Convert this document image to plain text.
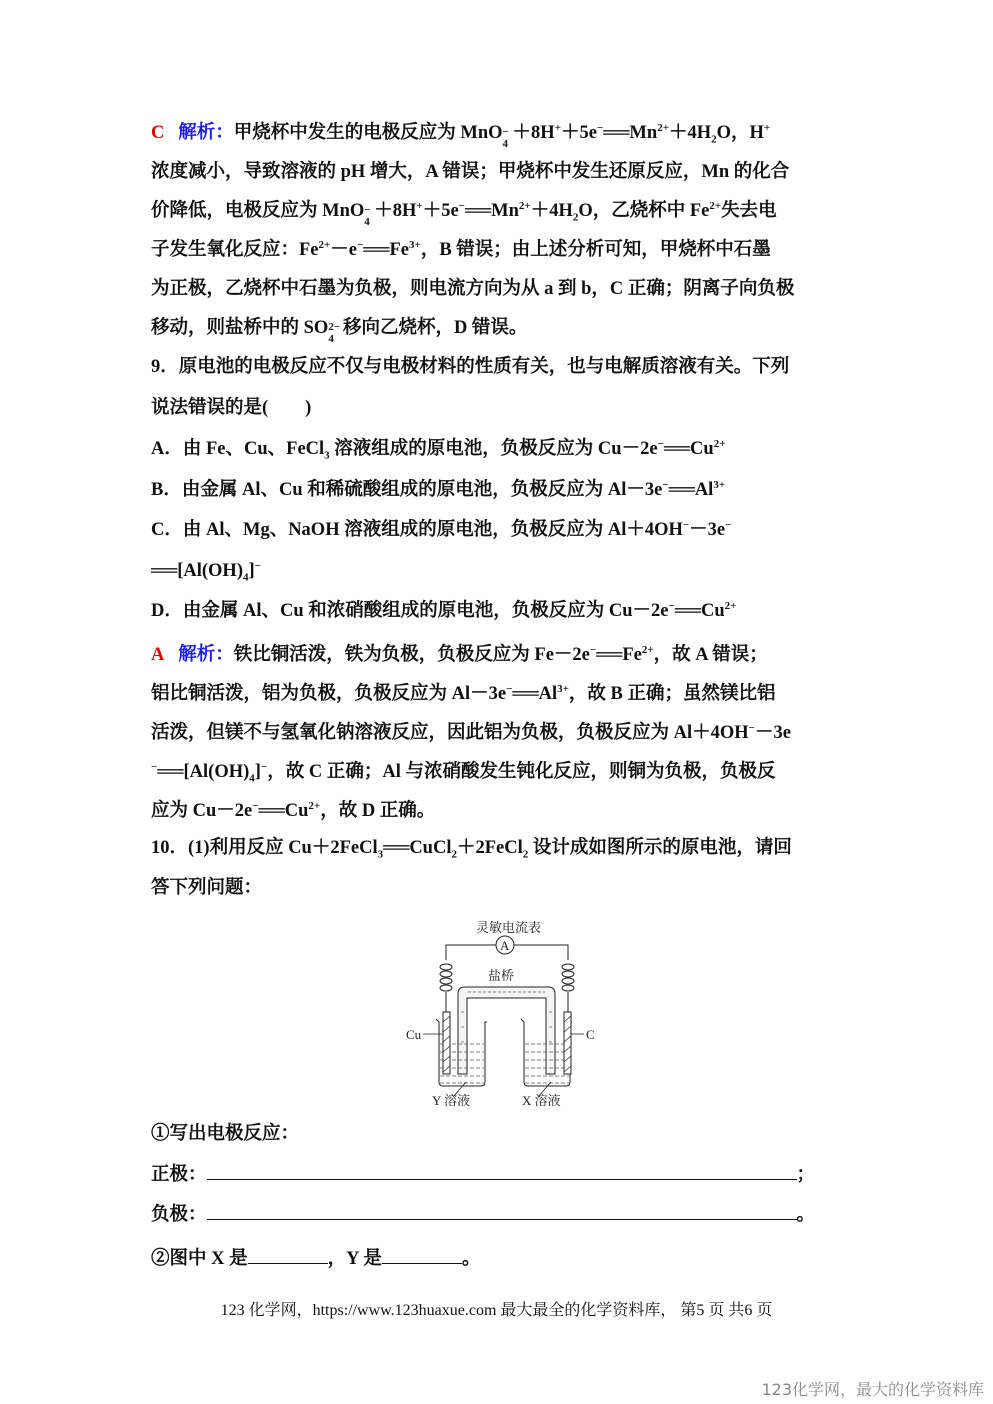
C 解析：甲烧杯中发生的电极反应为 MnO −
4
$+8H^++5e^-══Mn^{2+}+4H_2O$，H+
浓度减小，导致溶液的 pH 增大，A 错误；甲烧杯中发生还原反应，Mn 的化合
价降低，电极反应为 MnO −
4
$+8H^++5e^-══Mn^{2+}+4H_2O$，乙烧杯中 $Fe^{2+}$失去电
子发生氧化反应：$Fe^{2+}-e^-══Fe^{3+}$，B 错误；由上述分析可知，甲烧杯中石墨
为正极，乙烧杯中石墨为负极，则电流方向为从 a 到 b，C 正确；阴离子向负极
移动，则盐桥中的 SO 2−
4
移向乙烧杯，D 错误。
9．原电池的电极反应不仅与电极材料的性质有关，也与电解质溶液有关。下列
说法错误的是(　　)
A．由 Fe、Cu、FeCl$_3$ 溶液组成的原电池，负极反应为 $Cu-2e^-══Cu^{2+}$
B．由金属 Al、Cu 和稀硫酸组成的原电池，负极反应为 $Al-3e^-══Al^{3+}$
C．由 Al、Mg、NaOH 溶液组成的原电池，负极反应为 Al＋4OH−－3e−
$══[Al(OH)_4]^-$
D．由金属 Al、Cu 和浓硝酸组成的原电池，负极反应为 $Cu-2e^-══Cu^{2+}$
A 解析：铁比铜活泼，铁为负极，负极反应为 $Fe-2e^-══Fe^{2+}$，故 A 错误；
铝比铜活泼，铝为负极，负极反应为 $Al-3e^-══Al^{3+}$，故 B 正确；虽然镁比铝
活泼，但镁不与氢氧化钠溶液反应，因此铝为负极，负极反应为 Al＋4OH−－3e
$^-══[Al(OH)_4]^-$，故 C 正确；Al 与浓硝酸发生钝化反应，则铜为负极，负极反
应为 $Cu-2e^-══Cu^{2+}$，故 D 正确。
10．(1)利用反应 Cu＋2FeCl$_3$══CuCl$_2$＋2FeCl$_2$ 设计成如图所示的原电池，请回
答下列问题：
灵敏电流表
A
盐桥
Cu
Y 溶液
C
X 溶液
①写出电极反应：
正极：	；
负极：	。
②图中 X 是	，Y 是	。
123 化学网，https://www.123huaxue.com 最大最全的化学资料库， 第5 页 共6 页
123化学网，最大的化学资料库
